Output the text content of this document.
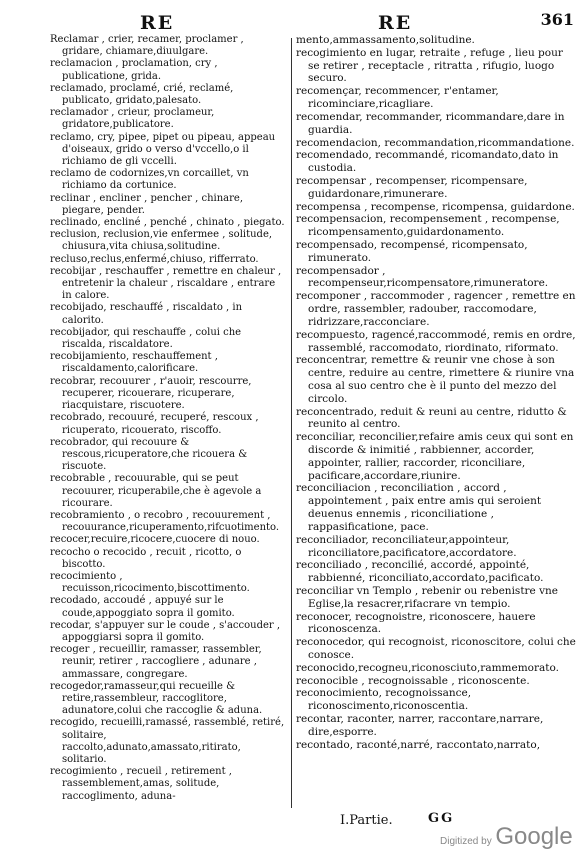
RE	RE	361

Reclamar , crier, recamer, proclamer , gridare, chiamare,diuulgare.

reclamacion , proclamation, cry , publicatione, grida.

reclamado, proclamé, crié, reclamé, publicato, gridato,palesato.

reclamador , crieur, proclameur, gridatore,publicatore.

reclamo, cry, pipee, pipet ou pipeau, appeau d'oiseaux, grido o verso d'vccello,o il richiamo de gli vccelli.

reclamo de codornizes,vn corcaillet, vn richiamo da cortunice.

reclinar , encliner , pencher , chinare, piegare, pender.

reclinado, encliné , penché , chinato , piegato.

reclusion, reclusion,vie enfermee , solitude, chiusura,vita chiusa,solitudine.

recluso,reclus,enfermé,chiuso, rifferrato.

recobijar , reschauffer , remettre en chaleur , entretenir la chaleur , riscaldare , entrare in calore.

recobijado, reschauffé , riscaldato , in calorito.

recobijador, qui reschauffe , colui che riscalda, riscaldatore.

recobijamiento, reschauffement , riscaldamento,calorificare.

recobrar, recouurer , r'auoir, rescourre, recuperer, ricouerare, ricuperare, riacquistare, riscuotere.

recobrado, recouuré, recuperé, rescoux , ricuperato, ricouerato, riscoffo.

recobrador, qui recouure & rescous,ricuperatore,che ricouera & riscuote.

recobrable , recouurable, qui se peut recouurer, ricuperabile,che è agevole a ricourare.

recobramiento , o recobro , recouurement , recouurance,ricuperamento,rifcuotimento.

recocer,recuire,ricocere,cuocere di nouo.

recocho o recocido , recuit , ricotto, o biscotto.

recocimiento , recuisson,ricocimento,biscottimento.

recodado, accoudé , appuyé sur le coude,appoggiato sopra il gomito.

recodar, s'appuyer sur le coude , s'accouder , appoggiarsi sopra il gomito.

recoger , recueillir, ramasser, rassembler, reunir, retirer , raccogliere , adunare , ammassare, congregare.

recogedor,ramasseur,qui recueille & retire,rassembleur, raccoglitore, adunatore,colui che raccoglie & aduna.

recogido, recueilli,ramassé, rassemblé, retiré, solitaire, raccolto,adunato,amassato,ritirato, solitario.

recogimiento , recueil , retirement , rassemblement,amas, solitude, raccoglimento, aduna-

mento,ammassamento,solitudine.

recogimiento en lugar, retraite , refuge , lieu pour se retirer , receptacle , ritratta , rifugio, luogo securo.

recomençar, recommencer, r'entamer, ricominciare,ricagliare.

recomendar, recommander, ricommandare,dare in guardia.

recomendacion, recommandation,ricommandatione.

recomendado, recommandé, ricomandato,dato in custodia.

recompensar , recompenser, ricompensare, guidardonare,rimunerare.

recompensa , recompense, ricompensa, guidardone.

recompensacion, recompensement , recompense, ricompensamento,guidardonamento.

recompensado, recompensé, ricompensato, rimunerato.

recompensador , recompenseur,ricompensatore,rimuneratore.

recomponer , raccommoder , ragencer , remettre en ordre, rassembler, radouber, raccomodare, ridrizzare,racconciare.

recompuesto, ragencé,raccommodé, remis en ordre, rassemblé, raccomodato, riordinato, riformato.

reconcentrar, remettre & reunir vne chose à son centre, reduire au centre, rimettere & riunire vna cosa al suo centro che è il punto del mezzo del circolo.

reconcentrado, reduit & reuni au centre, ridutto & reunito al centro.

reconciliar, reconcilier,refaire amis ceux qui sont en discorde & inimitié , rabbienner, accorder, appointer, rallier, raccorder, riconciliare, pacificare,accordare,riunire.

reconciliacion , reconciliation , accord , appointement , paix entre amis qui seroient deuenus ennemis , riconciliatione , rappasificatione, pace.

reconciliador, reconciliateur,appointeur, riconciliatore,pacificatore,accordatore.

reconciliado , reconcilié, accordé, appointé, rabbienné, riconciliato,accordato,pacificato.

reconciliar vn Templo , rebenir ou rebenistre vne Eglise,la resacrer,rifacrare vn tempio.

reconocer, recognoistre, riconoscere, hauere riconoscenza.

reconocedor, qui recognoist, riconoscitore, colui che conosce.

reconocido,recogneu,riconosciuto,rammemorato.

reconocible , recognoissable , riconoscente.

reconocimiento, recognoissance, riconoscimento,riconoscentia.

recontar, raconter, narrer, raccontare,narrare, dire,esporre.

recontado, raconté,narré, raccontato,narrato,

I.Partie.	GG
Digitized by Google
